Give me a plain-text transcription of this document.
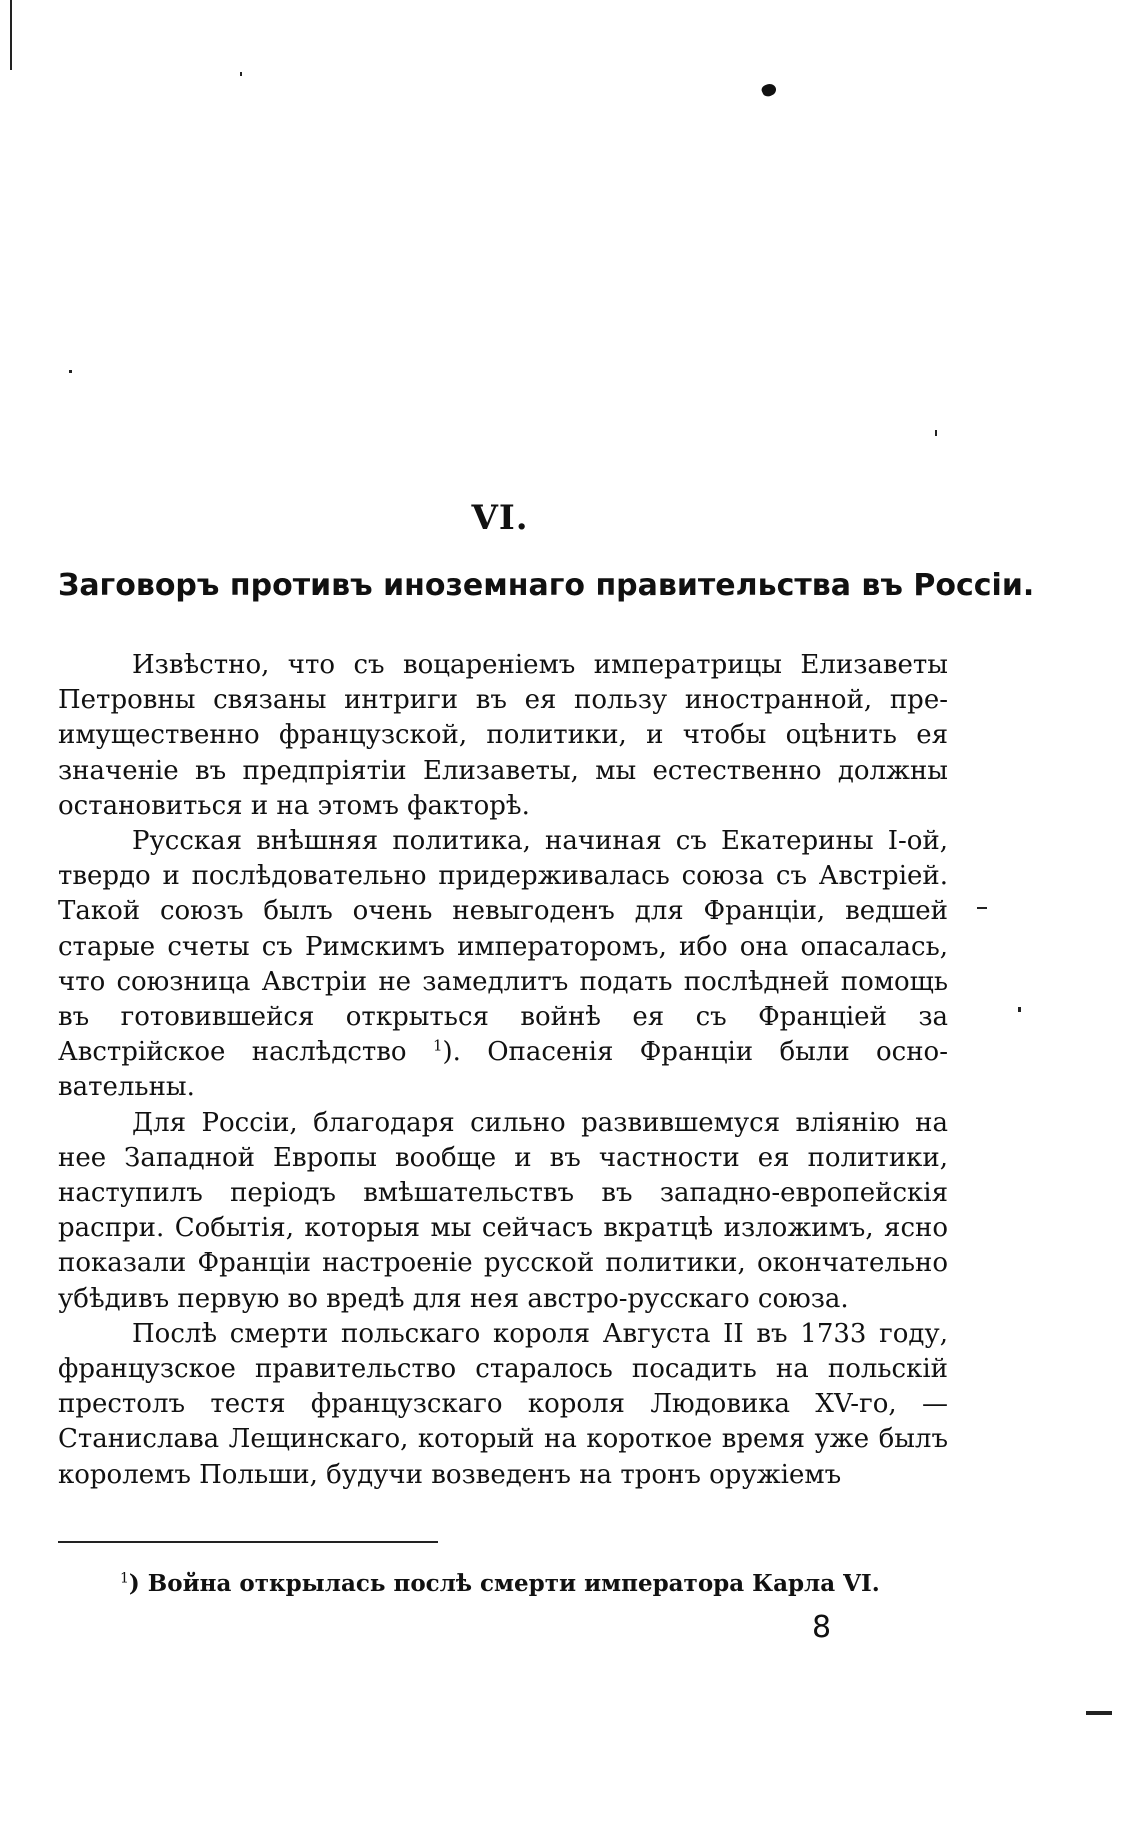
VI.
Заговоръ противъ иноземнаго правительства въ Россіи.

Извѣстно, что съ воцареніемъ императрицы Елизаветы Петровны связаны интриги въ ея пользу иностранной, преимущественно французской, политики, и чтобы оцѣнить ея значеніе въ предпріятіи Елизаветы, мы естественно должны остановиться и на этомъ факторѣ.

Русская внѣшняя политика, начиная съ Екатерины I-ой, твердо и послѣдовательно придерживалась союза съ Австріей. Такой союзъ былъ очень невыгоденъ для Франціи, ведшей старые счеты съ Римскимъ императоромъ, ибо она опасалась, что союзница Австріи не замедлитъ подать послѣдней помощь въ готовившейся открыться войнѣ ея съ Франціей за Австрійское наслѣдство $^1$). Опасенія Франціи были основательны.

Для Россіи, благодаря сильно развившемуся вліянію на нее Западной Европы вообще и въ частности ея политики, наступилъ періодъ вмѣшательствъ въ западно-европейскія распри. Событія, которыя мы сейчасъ вкратцѣ изложимъ, ясно показали Франціи настроеніе русской политики, окончательно убѣдивъ первую во вредѣ для нея австро-русскаго союза.

Послѣ смерти польскаго короля Августа II въ 1733 году, французское правительство старалось посадить на польскій престолъ тестя французскаго короля Людовика XV-го, —Станислава Лещинскаго, который на короткое время уже былъ королемъ Польши, будучи возведенъ на тронъ оружіемъ

$^1$) Война открылась послѣ смерти императора Карла VI.
8
